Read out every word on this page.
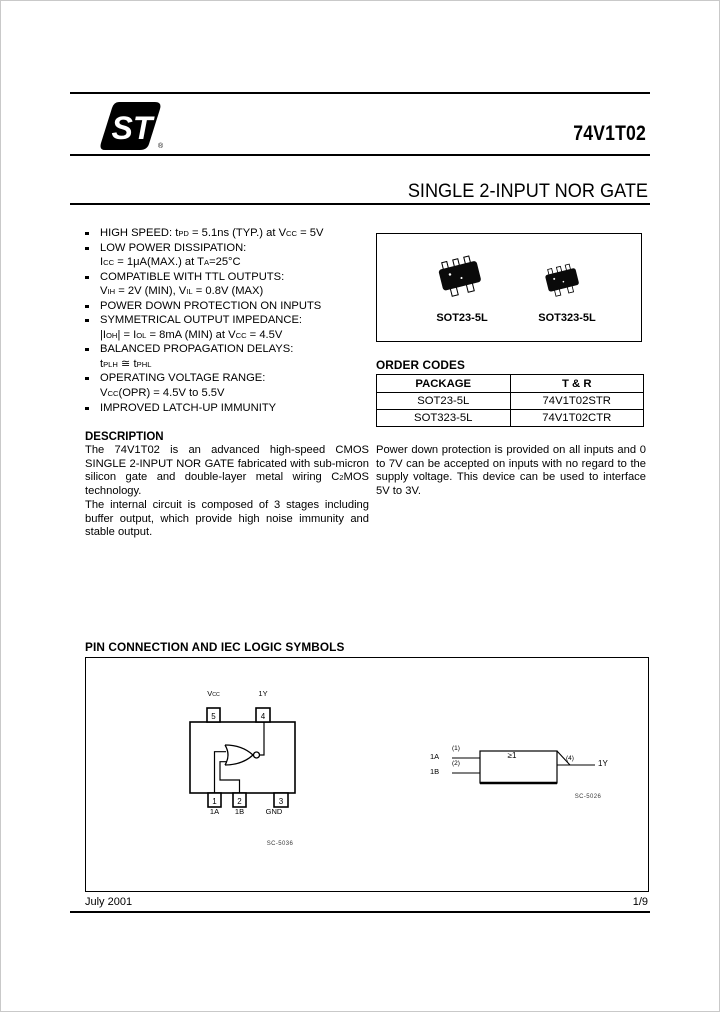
ST
®
74V1T02
SINGLE 2-INPUT NOR GATE
HIGH SPEED: $t_{PD} = 5.1ns$ (TYP.) at $V_{CC} = 5V$
LOW POWER DISSIPATION:
$I_{CC} = 1\mu A(MAX.)$ at $T_A=25^\circ C$
COMPATIBLE WITH TTL OUTPUTS:
$V_{IH} = 2V$ (MIN), $V_{IL} = 0.8V$ (MAX)
POWER DOWN PROTECTION ON INPUTS
SYMMETRICAL OUTPUT IMPEDANCE:
$|I_{OH}| = I_{OL} = 8mA$ (MIN) at $V_{CC} = 4.5V$
BALANCED PROPAGATION DELAYS:
$t_{PLH}$ ≅ $t_{PHL}$
OPERATING VOLTAGE RANGE:
$V_{CC}(OPR) = 4.5V$ to 5.5V
IMPROVED LATCH-UP IMMUNITY
DESCRIPTION
The 74V1T02 is an advanced high-speed CMOS SINGLE 2-INPUT NOR GATE fabricated with sub-micron silicon gate and double-layer metal wiring $C^2MOS$ technology.
The internal circuit is composed of 3 stages including buffer output, which provide high noise immunity and stable output.
SOT23-5L	SOT323-5L
ORDER CODES
PACKAGE	T & R
SOT23-5L	74V1T02STR
SOT323-5L	74V1T02CTR
Power down protection is provided on all inputs and 0 to 7V can be accepted on inputs with no regard to the supply voltage. This device can be used to interface 5V to 3V.
PIN CONNECTION AND IEC LOGIC SYMBOLS
5	4
1	2	3
$V_{CC}$	1Y
1A	1B	GND
SC-5036
1A
1B
(1)
(2)
≥1	(4)
1Y
SC-5026
July 2001	1/9
